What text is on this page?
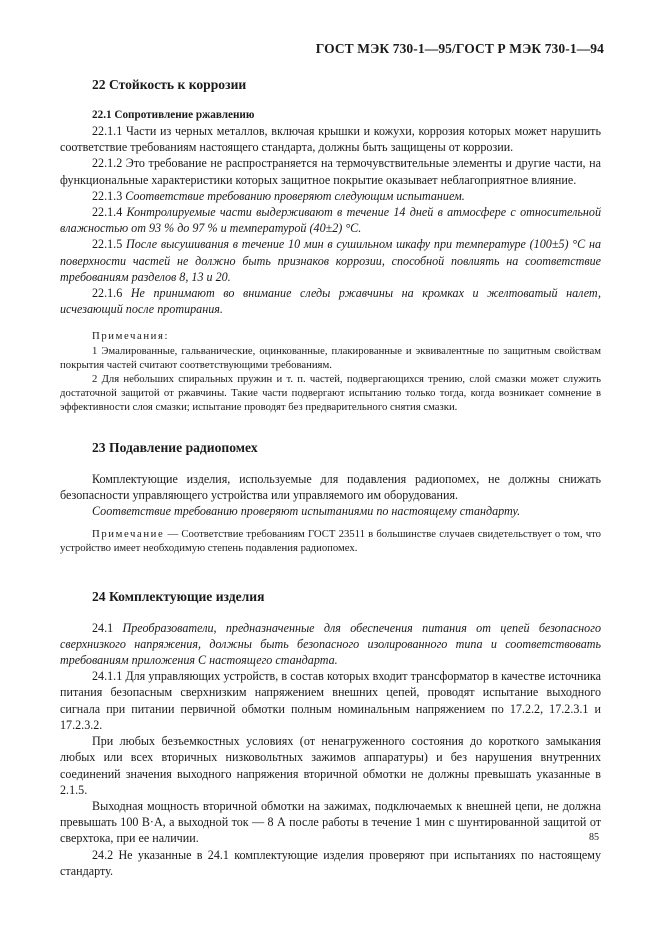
ГОСТ МЭК 730-1—95/ГОСТ Р МЭК 730-1—94
22 Стойкость к коррозии
22.1 Сопротивление ржавлению

22.1.1 Части из черных металлов, включая крышки и кожухи, коррозия которых может нарушить соответствие требованиям настоящего стандарта, должны быть защищены от коррозии.

22.1.2 Это требование не распространяется на термочувствительные элементы и другие части, на функциональные характеристики которых защитное покрытие оказывает неблагоприятное влияние.

22.1.3 Соответствие требованию проверяют следующим испытанием.

22.1.4 Контролируемые части выдерживают в течение 14 дней в атмосфере с относительной влажностью от 93 % до 97 % и температурой (40±2) °С.

22.1.5 После высушивания в течение 10 мин в сушильном шкафу при температуре (100±5) °С на поверхности частей не должно быть признаков коррозии, способной повлиять на соответствие требованиям разделов 8, 13 и 20.

22.1.6 Не принимают во внимание следы ржавчины на кромках и желтоватый налет, исчезающий после протирания.

Примечания:

1 Эмалированные, гальванические, оцинкованные, плакированные и эквивалентные по защитным свойствам покрытия частей считают соответствующими требованиям.

2 Для небольших спиральных пружин и т. п. частей, подвергающихся трению, слой смазки может служить достаточной защитой от ржавчины. Такие части подвергают испытанию только тогда, когда возникает сомнение в эффективности слоя смазки; испытание проводят без предварительного снятия смазки.

23 Подавление радиопомех

Комплектующие изделия, используемые для подавления радиопомех, не должны снижать безопасности управляющего устройства или управляемого им оборудования.

Соответствие требованию проверяют испытаниями по настоящему стандарту.

Примечание — Соответствие требованиям ГОСТ 23511 в большинстве случаев свидетельствует о том, что устройство имеет необходимую степень подавления радиопомех.

24 Комплектующие изделия

24.1 Преобразователи, предназначенные для обеспечения питания от цепей безопасного сверхнизкого напряжения, должны быть безопасного изолированного типа и соответствовать требованиям приложения С настоящего стандарта.

24.1.1 Для управляющих устройств, в состав которых входит трансформатор в качестве источника питания безопасным сверхнизким напряжением внешних цепей, проводят испытание выходного сигнала при питании первичной обмотки полным номинальным напряжением по 17.2.2, 17.2.3.1 и 17.2.3.2.

При любых безъемкостных условиях (от ненагруженного состояния до короткого замыкания любых или всех вторичных низковольтных зажимов аппаратуры) и без нарушения внутренних соединений значения выходного напряжения вторичной обмотки не должны превышать указанные в 2.1.5.

Выходная мощность вторичной обмотки на зажимах, подключаемых к внешней цепи, не должна превышать 100 В·А, а выходной ток — 8 А после работы в течение 1 мин с шунтированной защитой от сверхтока, при ее наличии.

24.2 Не указанные в 24.1 комплектующие изделия проверяют при испытаниях по настоящему стандарту.

85
